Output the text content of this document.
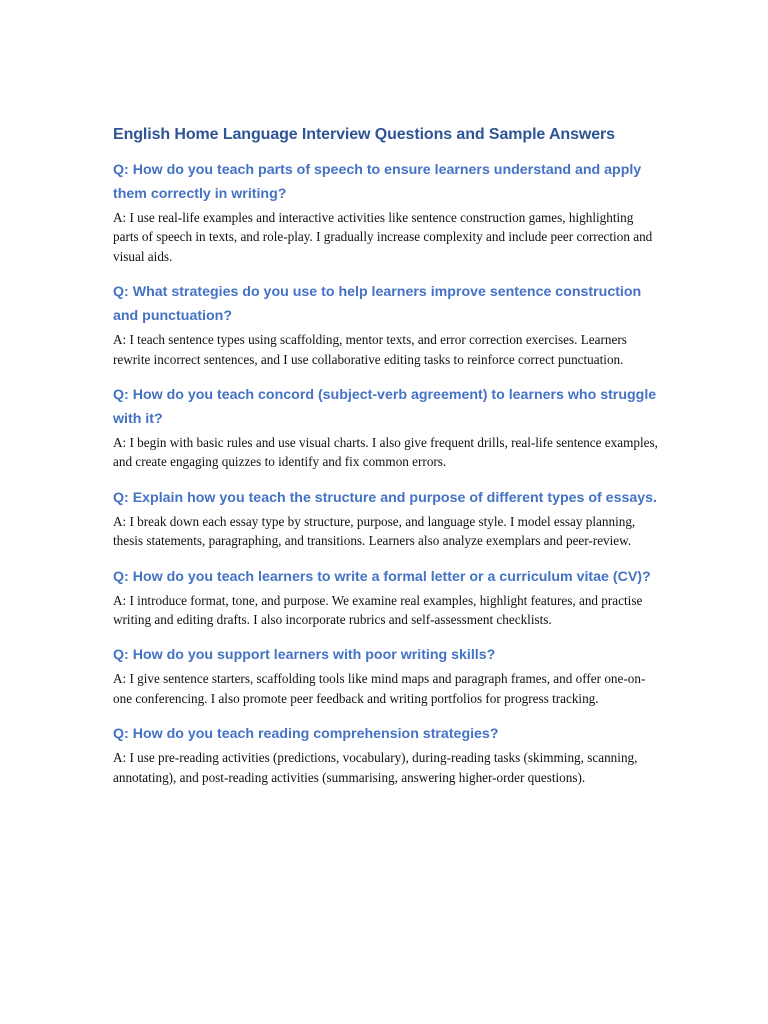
English Home Language Interview Questions and Sample Answers

Q: How do you teach parts of speech to ensure learners understand and apply them correctly in writing?

A: I use real-life examples and interactive activities like sentence construction games, highlighting parts of speech in texts, and role-play. I gradually increase complexity and include peer correction and visual aids.

Q: What strategies do you use to help learners improve sentence construction and punctuation?

A: I teach sentence types using scaffolding, mentor texts, and error correction exercises. Learners rewrite incorrect sentences, and I use collaborative editing tasks to reinforce correct punctuation.

Q: How do you teach concord (subject-verb agreement) to learners who struggle with it?

A: I begin with basic rules and use visual charts. I also give frequent drills, real-life sentence examples, and create engaging quizzes to identify and fix common errors.

Q: Explain how you teach the structure and purpose of different types of essays.

A: I break down each essay type by structure, purpose, and language style. I model essay planning, thesis statements, paragraphing, and transitions. Learners also analyze exemplars and peer-review.

Q: How do you teach learners to write a formal letter or a curriculum vitae (CV)?

A: I introduce format, tone, and purpose. We examine real examples, highlight features, and practise writing and editing drafts. I also incorporate rubrics and self-assessment checklists.

Q: How do you support learners with poor writing skills?

A: I give sentence starters, scaffolding tools like mind maps and paragraph frames, and offer one-on-one conferencing. I also promote peer feedback and writing portfolios for progress tracking.

Q: How do you teach reading comprehension strategies?

A: I use pre-reading activities (predictions, vocabulary), during-reading tasks (skimming, scanning, annotating), and post-reading activities (summarising, answering higher-order questions).
